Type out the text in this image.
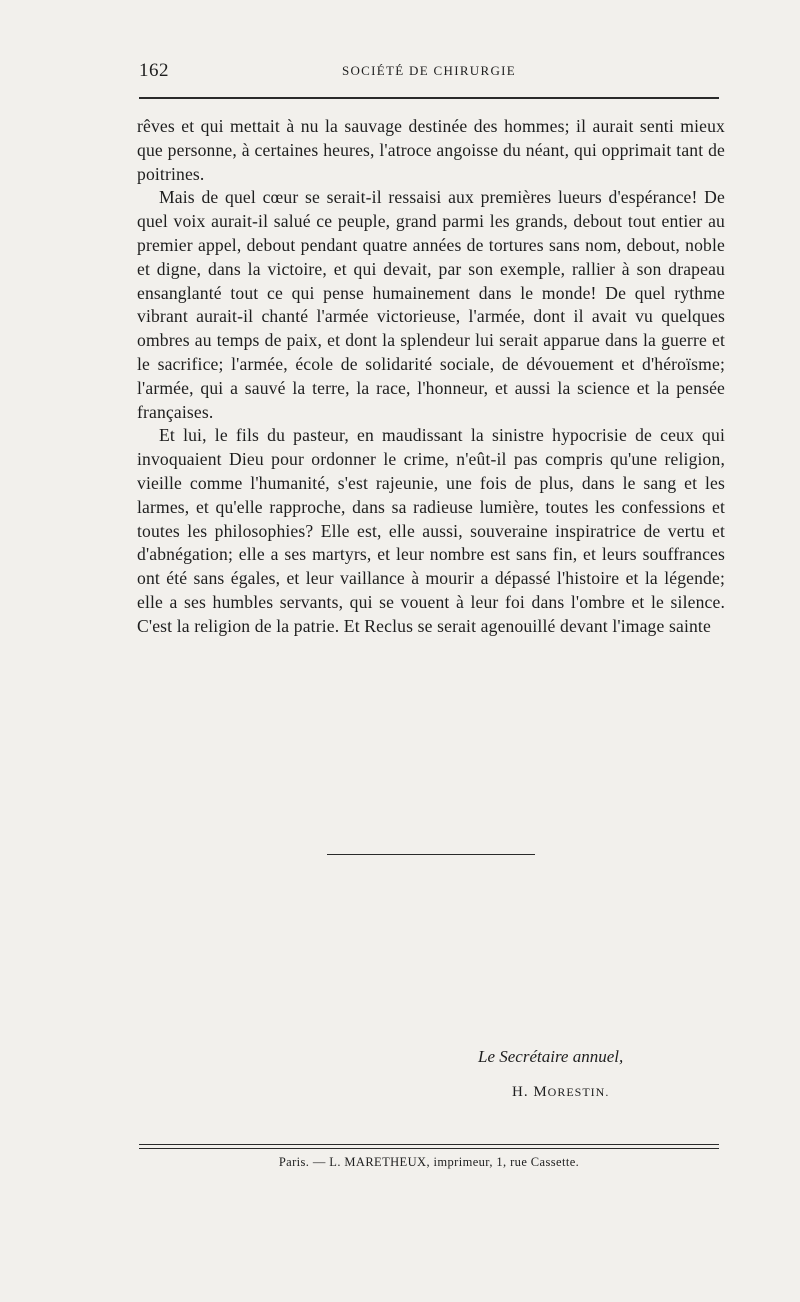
162	SOCIÉTÉ DE CHIRURGIE

rêves et qui mettait à nu la sauvage destinée des hommes; il aurait senti mieux que personne, à certaines heures, l'atroce angoisse du néant, qui opprimait tant de poitrines.

Mais de quel cœur se serait-il ressaisi aux premières lueurs d'espérance! De quel voix aurait-il salué ce peuple, grand parmi les grands, debout tout entier au premier appel, debout pendant quatre années de tortures sans nom, debout, noble et digne, dans la victoire, et qui devait, par son exemple, rallier à son drapeau ensanglanté tout ce qui pense humainement dans le monde! De quel rythme vibrant aurait-il chanté l'armée victorieuse, l'armée, dont il avait vu quelques ombres au temps de paix, et dont la splendeur lui serait apparue dans la guerre et le sacrifice; l'armée, école de solidarité sociale, de dévouement et d'héroïsme; l'armée, qui a sauvé la terre, la race, l'honneur, et aussi la science et la pensée françaises.

Et lui, le fils du pasteur, en maudissant la sinistre hypocrisie de ceux qui invoquaient Dieu pour ordonner le crime, n'eût-il pas compris qu'une religion, vieille comme l'humanité, s'est rajeunie, une fois de plus, dans le sang et les larmes, et qu'elle rapproche, dans sa radieuse lumière, toutes les confessions et toutes les philosophies? Elle est, elle aussi, souveraine inspiratrice de vertu et d'abnégation; elle a ses martyrs, et leur nombre est sans fin, et leurs souffrances ont été sans égales, et leur vaillance à mourir a dépassé l'histoire et la légende; elle a ses humbles servants, qui se vouent à leur foi dans l'ombre et le silence. C'est la religion de la patrie. Et Reclus se serait agenouillé devant l'image sainte

Le Secrétaire annuel,
H. MORESTIN.
Paris. — L. MARETHEUX, imprimeur, 1, rue Cassette.
